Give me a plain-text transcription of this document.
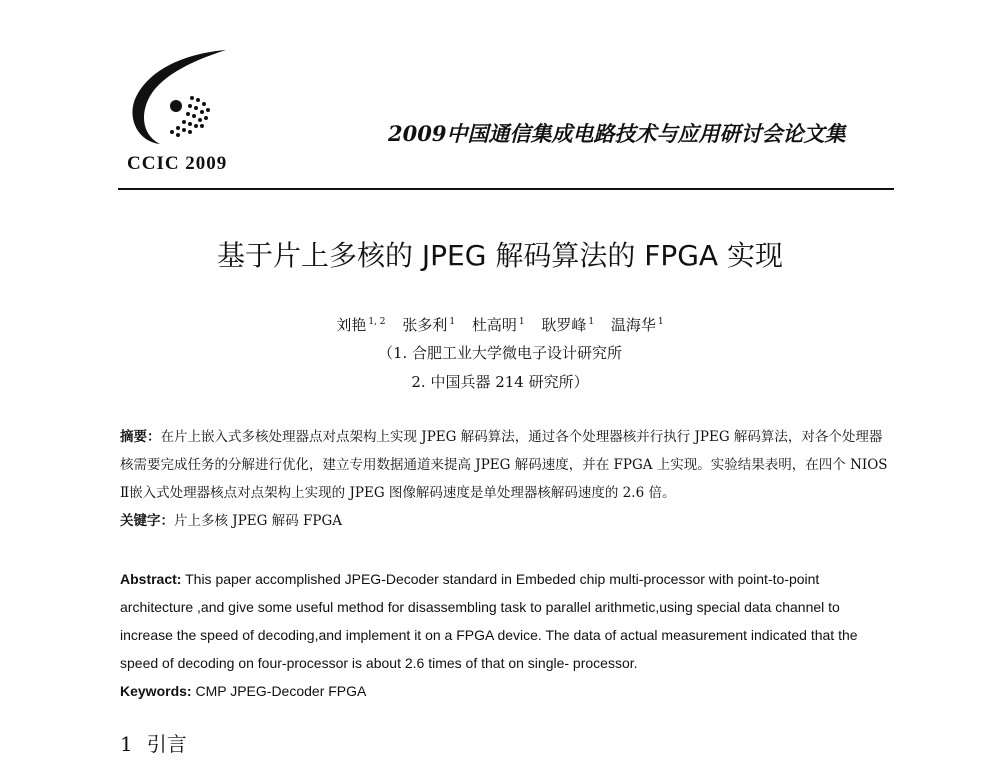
CCIC 2009
2009中国通信集成电路技术与应用研讨会论文集
基于片上多核的 JPEG 解码算法的 FPGA 实现
刘艳 $^{1, 2}$ 张多利 $^1$ 杜高明 $^1$ 耿罗峰 $^1$ 温海华 $^1$
（1. 合肥工业大学微电子设计研究所
2. 中国兵器 214 研究所）
摘要：在片上嵌入式多核处理器点对点架构上实现 JPEG 解码算法，通过各个处理器核并行执行 JPEG 解码算法，对各个处理器核需要完成任务的分解进行优化，建立专用数据通道来提高 JPEG 解码速度，并在 FPGA 上实现。实验结果表明，在四个 NIOS Ⅱ嵌入式处理器核点对点架构上实现的 JPEG 图像解码速度是单处理器核解码速度的 2.6 倍。
关键字：片上多核 JPEG 解码 FPGA
Abstract: This paper accomplished JPEG-Decoder standard in Embeded chip multi-processor with point-to-point architecture ,and give some useful method for disassembling task to parallel arithmetic,using special data channel to increase the speed of decoding,and implement it on a FPGA device. The data of actual measurement indicated that the speed of decoding on four-processor is about 2.6 times of that on single- processor.
Keywords: CMP JPEG-Decoder FPGA
1 引言
